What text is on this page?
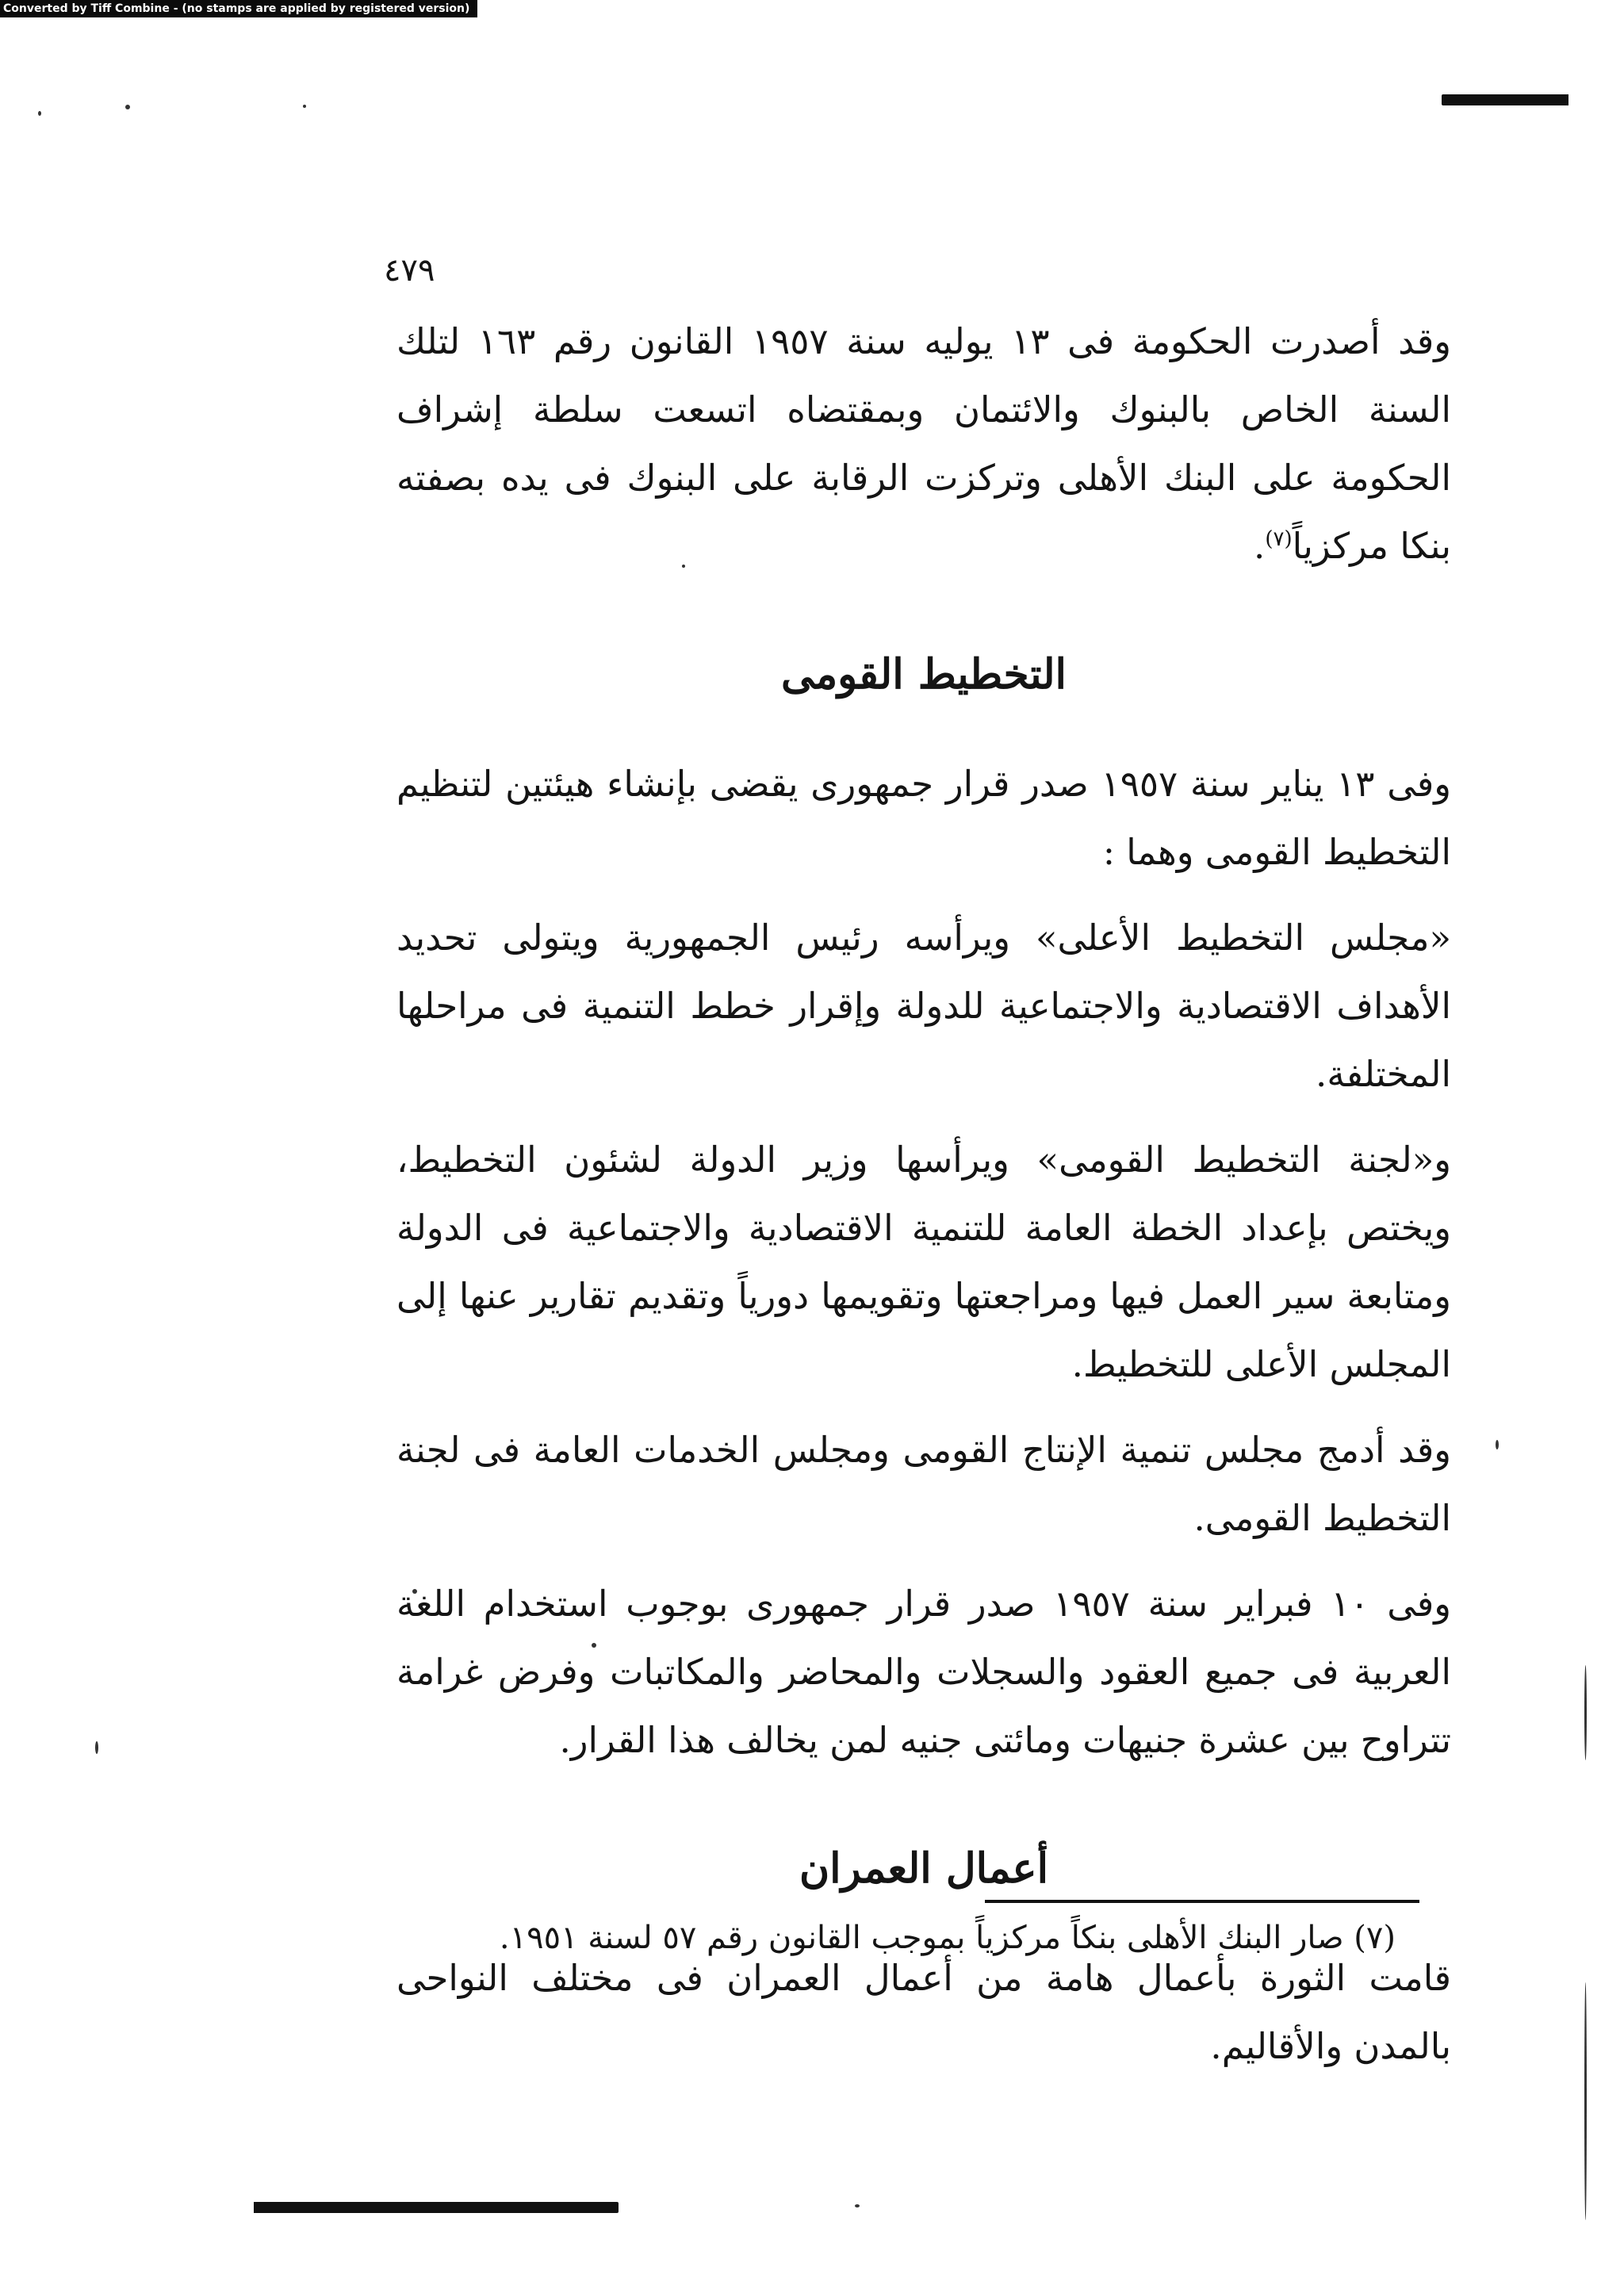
Converted by Tiff Combine - (no stamps are applied by registered version)
٤٧٩

وقد أصدرت الحكومة فى ١٣ يوليه سنة ١٩٥٧ القانون رقم ١٦٣ لتلك السنة الخاص بالبنوك والائتمان وبمقتضاه اتسعت سلطة إشراف الحكومة على البنك الأهلى وتركزت الرقابة على البنوك فى يده بصفته بنكا مركزياً$^{(٧)}$.

التخطيط القومى

وفى ١٣ يناير سنة ١٩٥٧ صدر قرار جمهورى يقضى بإنشاء هيئتين لتنظيم التخطيط القومى وهما :

«مجلس التخطيط الأعلى» ويرأسه رئيس الجمهورية ويتولى تحديد الأهداف الاقتصادية والاجتماعية للدولة وإقرار خطط التنمية فى مراحلها المختلفة.

و«لجنة التخطيط القومى» ويرأسها وزير الدولة لشئون التخطيط، ويختص بإعداد الخطة العامة للتنمية الاقتصادية والاجتماعية فى الدولة ومتابعة سير العمل فيها ومراجعتها وتقويمها دورياً وتقديم تقارير عنها إلى المجلس الأعلى للتخطيط.

وقد أدمج مجلس تنمية الإنتاج القومى ومجلس الخدمات العامة فى لجنة التخطيط القومى.

وفى ١٠ فبراير سنة ١٩٥٧ صدر قرار جمهورى بوجوب استخدام اللغة العربية فى جميع العقود والسجلات والمحاضر والمكاتبات وفرض غرامة تتراوح بين عشرة جنيهات ومائتى جنيه لمن يخالف هذا القرار.

أعمال العمران

قامت الثورة بأعمال هامة من أعمال العمران فى مختلف النواحى بالمدن والأقاليم.

(٧) صار البنك الأهلى بنكاً مركزياً بموجب القانون رقم ٥٧ لسنة ١٩٥١.
